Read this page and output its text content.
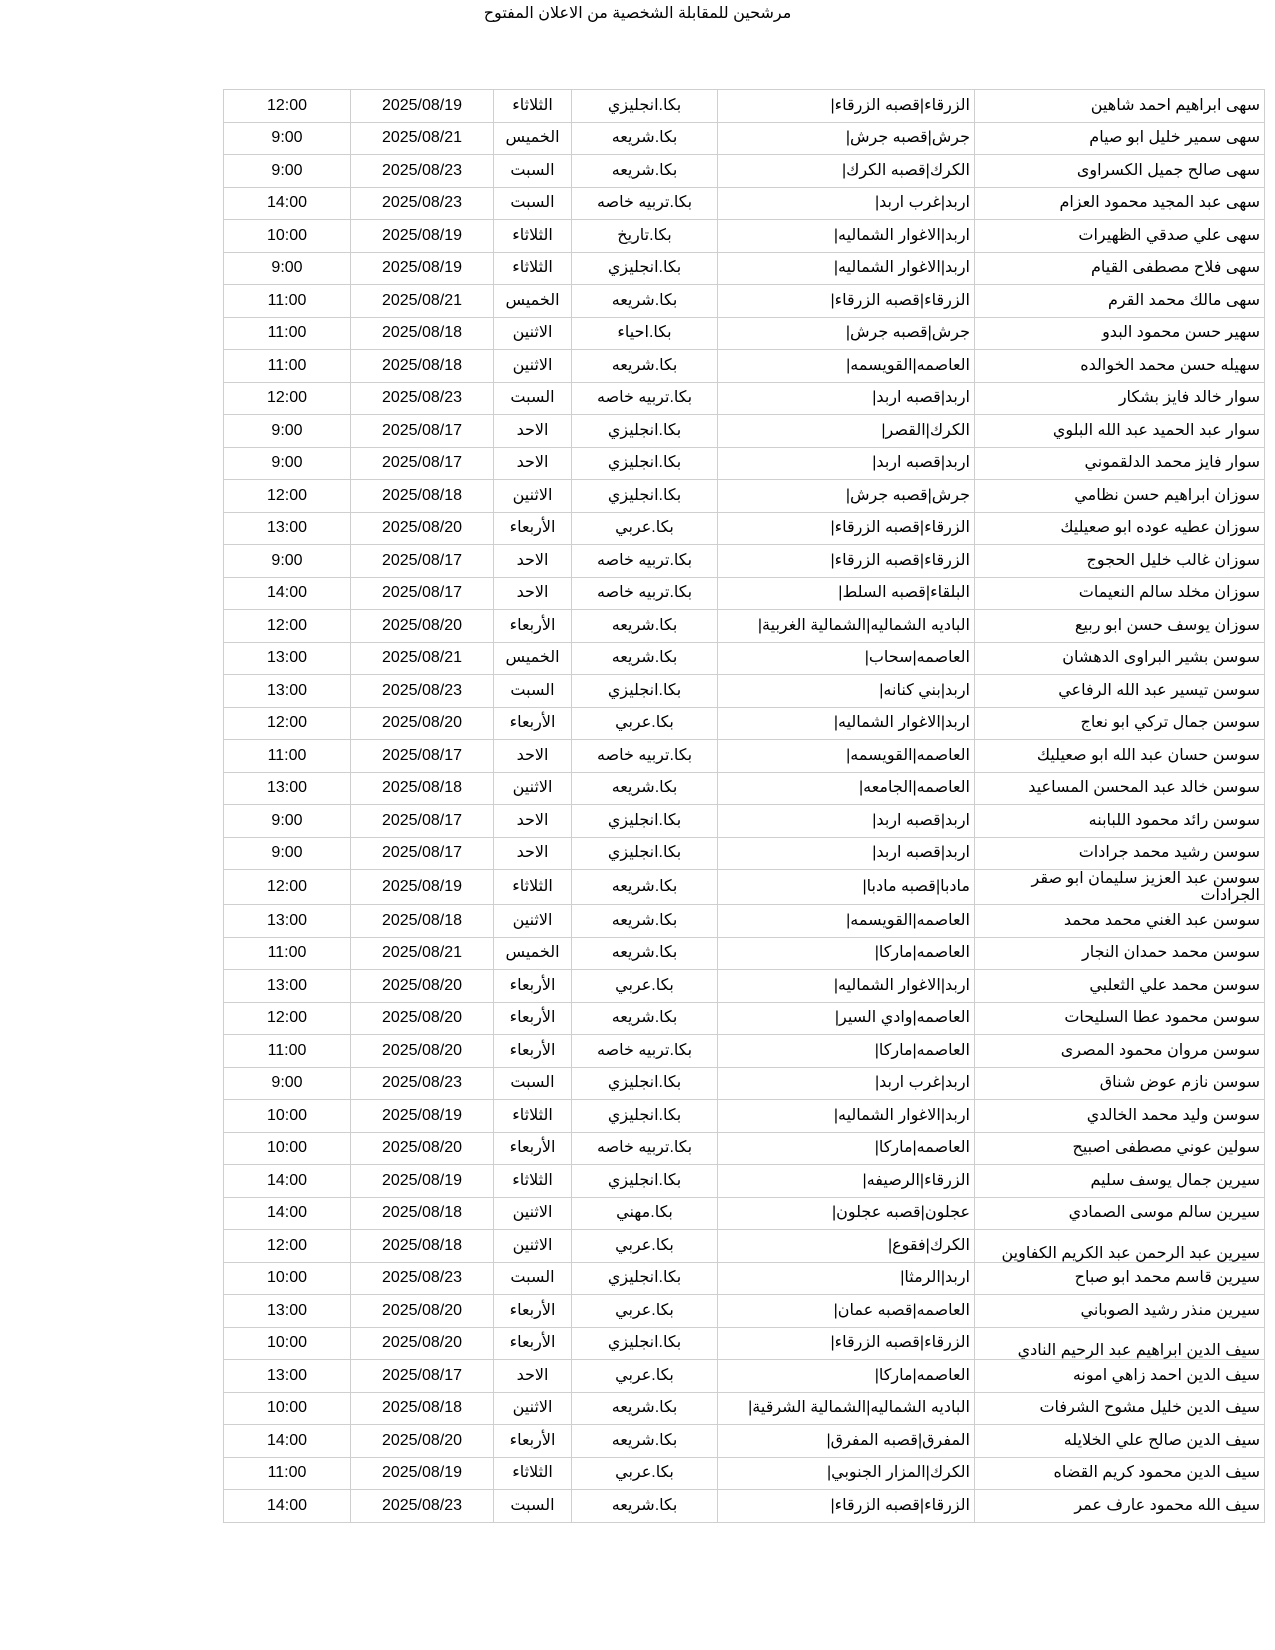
مرشحين للمقابلة الشخصية من الاعلان المفتوح
سهى ابراهيم احمد شاهين	الزرقاء|قصبه الزرقاء|	بكا.انجليزي	الثلاثاء	2025/08/19	12:00
سهى سمير خليل ابو صيام	جرش|قصبه جرش|	بكا.شريعه	الخميس	2025/08/21	9:00
سهى صالح جميل الكسراوى	الكرك|قصبه الكرك|	بكا.شريعه	السبت	2025/08/23	9:00
سهى عبد المجيد محمود العزام	اربد|غرب اربد|	بكا.تربيه خاصه	السبت	2025/08/23	14:00
سهى علي صدقي الظهيرات	اربد|الاغوار الشماليه|	بكا.تاريخ	الثلاثاء	2025/08/19	10:00
سهى فلاح مصطفى القيام	اربد|الاغوار الشماليه|	بكا.انجليزي	الثلاثاء	2025/08/19	9:00
سهى مالك محمد القرم	الزرقاء|قصبه الزرقاء|	بكا.شريعه	الخميس	2025/08/21	11:00
سهير حسن محمود البدو	جرش|قصبه جرش|	بكا.احياء	الاثنين	2025/08/18	11:00
سهيله حسن محمد الخوالده	العاصمه|القويسمه|	بكا.شريعه	الاثنين	2025/08/18	11:00
سوار خالد فايز بشكار	اربد|قصبه اربد|	بكا.تربيه خاصه	السبت	2025/08/23	12:00
سوار عبد الحميد عبد الله البلوي	الكرك|القصر|	بكا.انجليزي	الاحد	2025/08/17	9:00
سوار فايز محمد الدلقموني	اربد|قصبه اربد|	بكا.انجليزي	الاحد	2025/08/17	9:00
سوزان ابراهيم حسن نظامي	جرش|قصبه جرش|	بكا.انجليزي	الاثنين	2025/08/18	12:00
سوزان عطيه عوده ابو صعيليك	الزرقاء|قصبه الزرقاء|	بكا.عربي	الأربعاء	2025/08/20	13:00
سوزان غالب خليل الحجوج	الزرقاء|قصبه الزرقاء|	بكا.تربيه خاصه	الاحد	2025/08/17	9:00
سوزان مخلد سالم النعيمات	البلقاء|قصبه السلط|	بكا.تربيه خاصه	الاحد	2025/08/17	14:00
سوزان يوسف حسن ابو ربيع	الباديه الشماليه|الشمالية الغربية|	بكا.شريعه	الأربعاء	2025/08/20	12:00
سوسن بشير البراوى الدهشان	العاصمه|سحاب|	بكا.شريعه	الخميس	2025/08/21	13:00
سوسن تيسير عبد الله الرفاعي	اربد|بني كنانه|	بكا.انجليزي	السبت	2025/08/23	13:00
سوسن جمال تركي ابو نعاج	اربد|الاغوار الشماليه|	بكا.عربي	الأربعاء	2025/08/20	12:00
سوسن حسان عبد الله ابو صعيليك	العاصمه|القويسمه|	بكا.تربيه خاصه	الاحد	2025/08/17	11:00
سوسن خالد عبد المحسن المساعيد	العاصمه|الجامعه|	بكا.شريعه	الاثنين	2025/08/18	13:00
سوسن رائد محمود اللبابنه	اربد|قصبه اربد|	بكا.انجليزي	الاحد	2025/08/17	9:00
سوسن رشيد محمد جرادات	اربد|قصبه اربد|	بكا.انجليزي	الاحد	2025/08/17	9:00
سوسن عبد العزيز سليمان ابو صقر الجرادات	مادبا|قصبه مادبا|	بكا.شريعه	الثلاثاء	2025/08/19	12:00
سوسن عبد الغني محمد محمد	العاصمه|القويسمه|	بكا.شريعه	الاثنين	2025/08/18	13:00
سوسن محمد حمدان النجار	العاصمه|ماركا|	بكا.شريعه	الخميس	2025/08/21	11:00
سوسن محمد علي الثعلبي	اربد|الاغوار الشماليه|	بكا.عربي	الأربعاء	2025/08/20	13:00
سوسن محمود عطا السليحات	العاصمه|وادي السير|	بكا.شريعه	الأربعاء	2025/08/20	12:00
سوسن مروان محمود المصرى	العاصمه|ماركا|	بكا.تربيه خاصه	الأربعاء	2025/08/20	11:00
سوسن نازم عوض شناق	اربد|غرب اربد|	بكا.انجليزي	السبت	2025/08/23	9:00
سوسن وليد محمد الخالدي	اربد|الاغوار الشماليه|	بكا.انجليزي	الثلاثاء	2025/08/19	10:00
سولين عوني مصطفى اصبيح	العاصمه|ماركا|	بكا.تربيه خاصه	الأربعاء	2025/08/20	10:00
سيرين جمال يوسف سليم	الزرقاء|الرصيفه|	بكا.انجليزي	الثلاثاء	2025/08/19	14:00
سيرين سالم موسى الصمادي	عجلون|قصبه عجلون|	بكا.مهني	الاثنين	2025/08/18	14:00
سيرين عبد الرحمن عبد الكريم الكفاوين	الكرك|فقوع|	بكا.عربي	الاثنين	2025/08/18	12:00
سيرين قاسم محمد ابو صباح	اربد|الرمثا|	بكا.انجليزي	السبت	2025/08/23	10:00
سيرين منذر رشيد الصوباني	العاصمه|قصبه عمان|	بكا.عربي	الأربعاء	2025/08/20	13:00
سيف الدين ابراهيم عبد الرحيم النادي	الزرقاء|قصبه الزرقاء|	بكا.انجليزي	الأربعاء	2025/08/20	10:00
سيف الدين احمد زاهي امونه	العاصمه|ماركا|	بكا.عربي	الاحد	2025/08/17	13:00
سيف الدين خليل مشوح الشرفات	الباديه الشماليه|الشمالية الشرقية|	بكا.شريعه	الاثنين	2025/08/18	10:00
سيف الدين صالح علي الخلايله	المفرق|قصبه المفرق|	بكا.شريعه	الأربعاء	2025/08/20	14:00
سيف الدين محمود كريم القضاه	الكرك|المزار الجنوبي|	بكا.عربي	الثلاثاء	2025/08/19	11:00
سيف الله محمود عارف عمر	الزرقاء|قصبه الزرقاء|	بكا.شريعه	السبت	2025/08/23	14:00
